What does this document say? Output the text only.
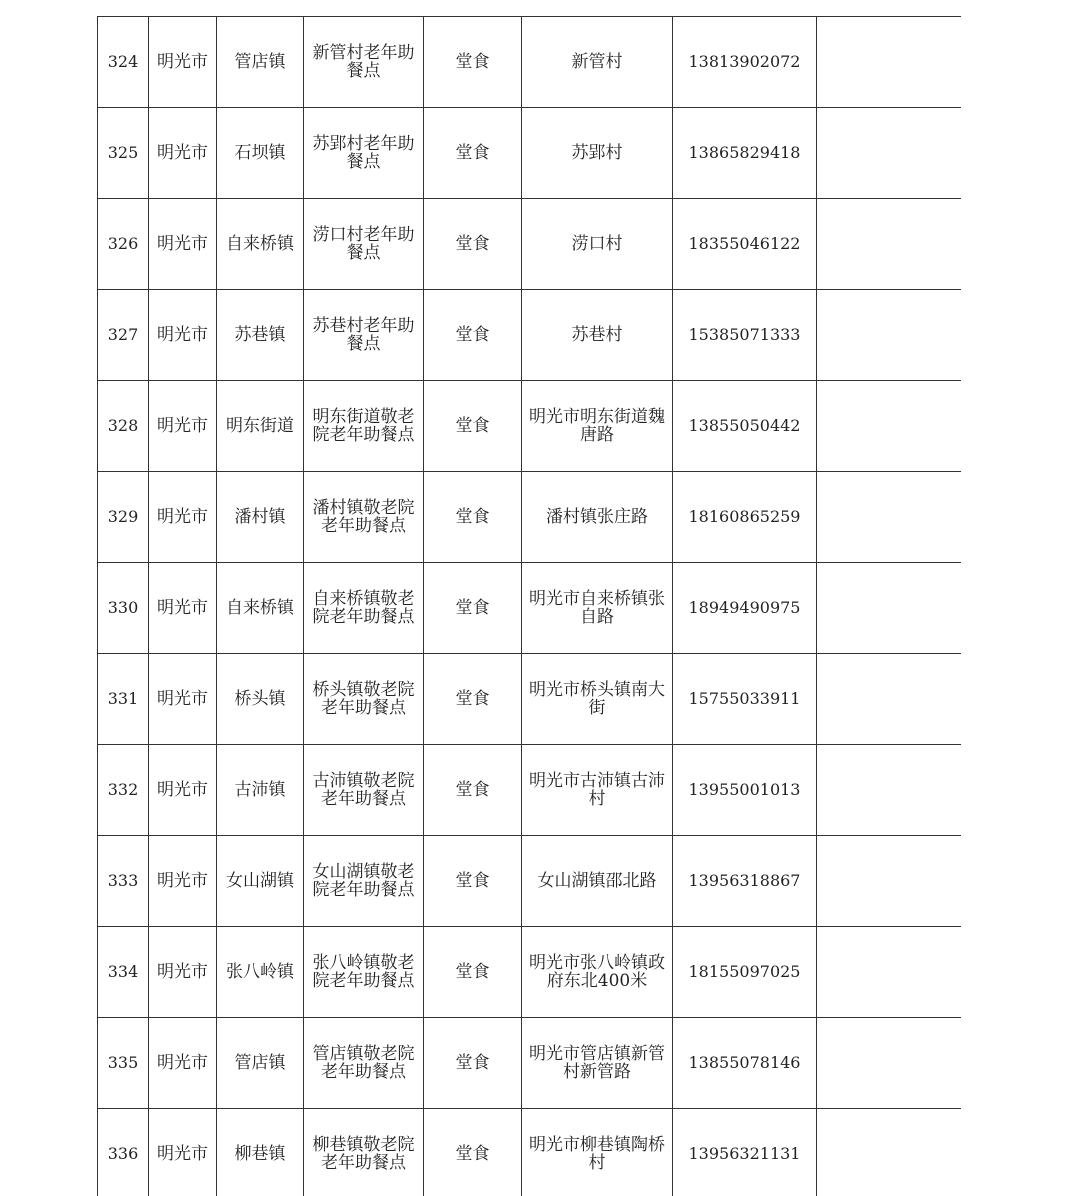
324	明光市	管店镇	新管村老年助餐点	堂食	新管村	13813902072	
325	明光市	石坝镇	苏郢村老年助餐点	堂食	苏郢村	13865829418	
326	明光市	自来桥镇	涝口村老年助餐点	堂食	涝口村	18355046122	
327	明光市	苏巷镇	苏巷村老年助餐点	堂食	苏巷村	15385071333	
328	明光市	明东街道	明东街道敬老院老年助餐点	堂食	明光市明东街道魏唐路	13855050442	
329	明光市	潘村镇	潘村镇敬老院老年助餐点	堂食	潘村镇张庄路	18160865259	
330	明光市	自来桥镇	自来桥镇敬老院老年助餐点	堂食	明光市自来桥镇张自路	18949490975	
331	明光市	桥头镇	桥头镇敬老院老年助餐点	堂食	明光市桥头镇南大街	15755033911	
332	明光市	古沛镇	古沛镇敬老院老年助餐点	堂食	明光市古沛镇古沛村	13955001013	
333	明光市	女山湖镇	女山湖镇敬老院老年助餐点	堂食	女山湖镇邵北路	13956318867	
334	明光市	张八岭镇	张八岭镇敬老院老年助餐点	堂食	明光市张八岭镇政府东北400米	18155097025	
335	明光市	管店镇	管店镇敬老院老年助餐点	堂食	明光市管店镇新管村新管路	13855078146	
336	明光市	柳巷镇	柳巷镇敬老院老年助餐点	堂食	明光市柳巷镇陶桥村	13956321131	
